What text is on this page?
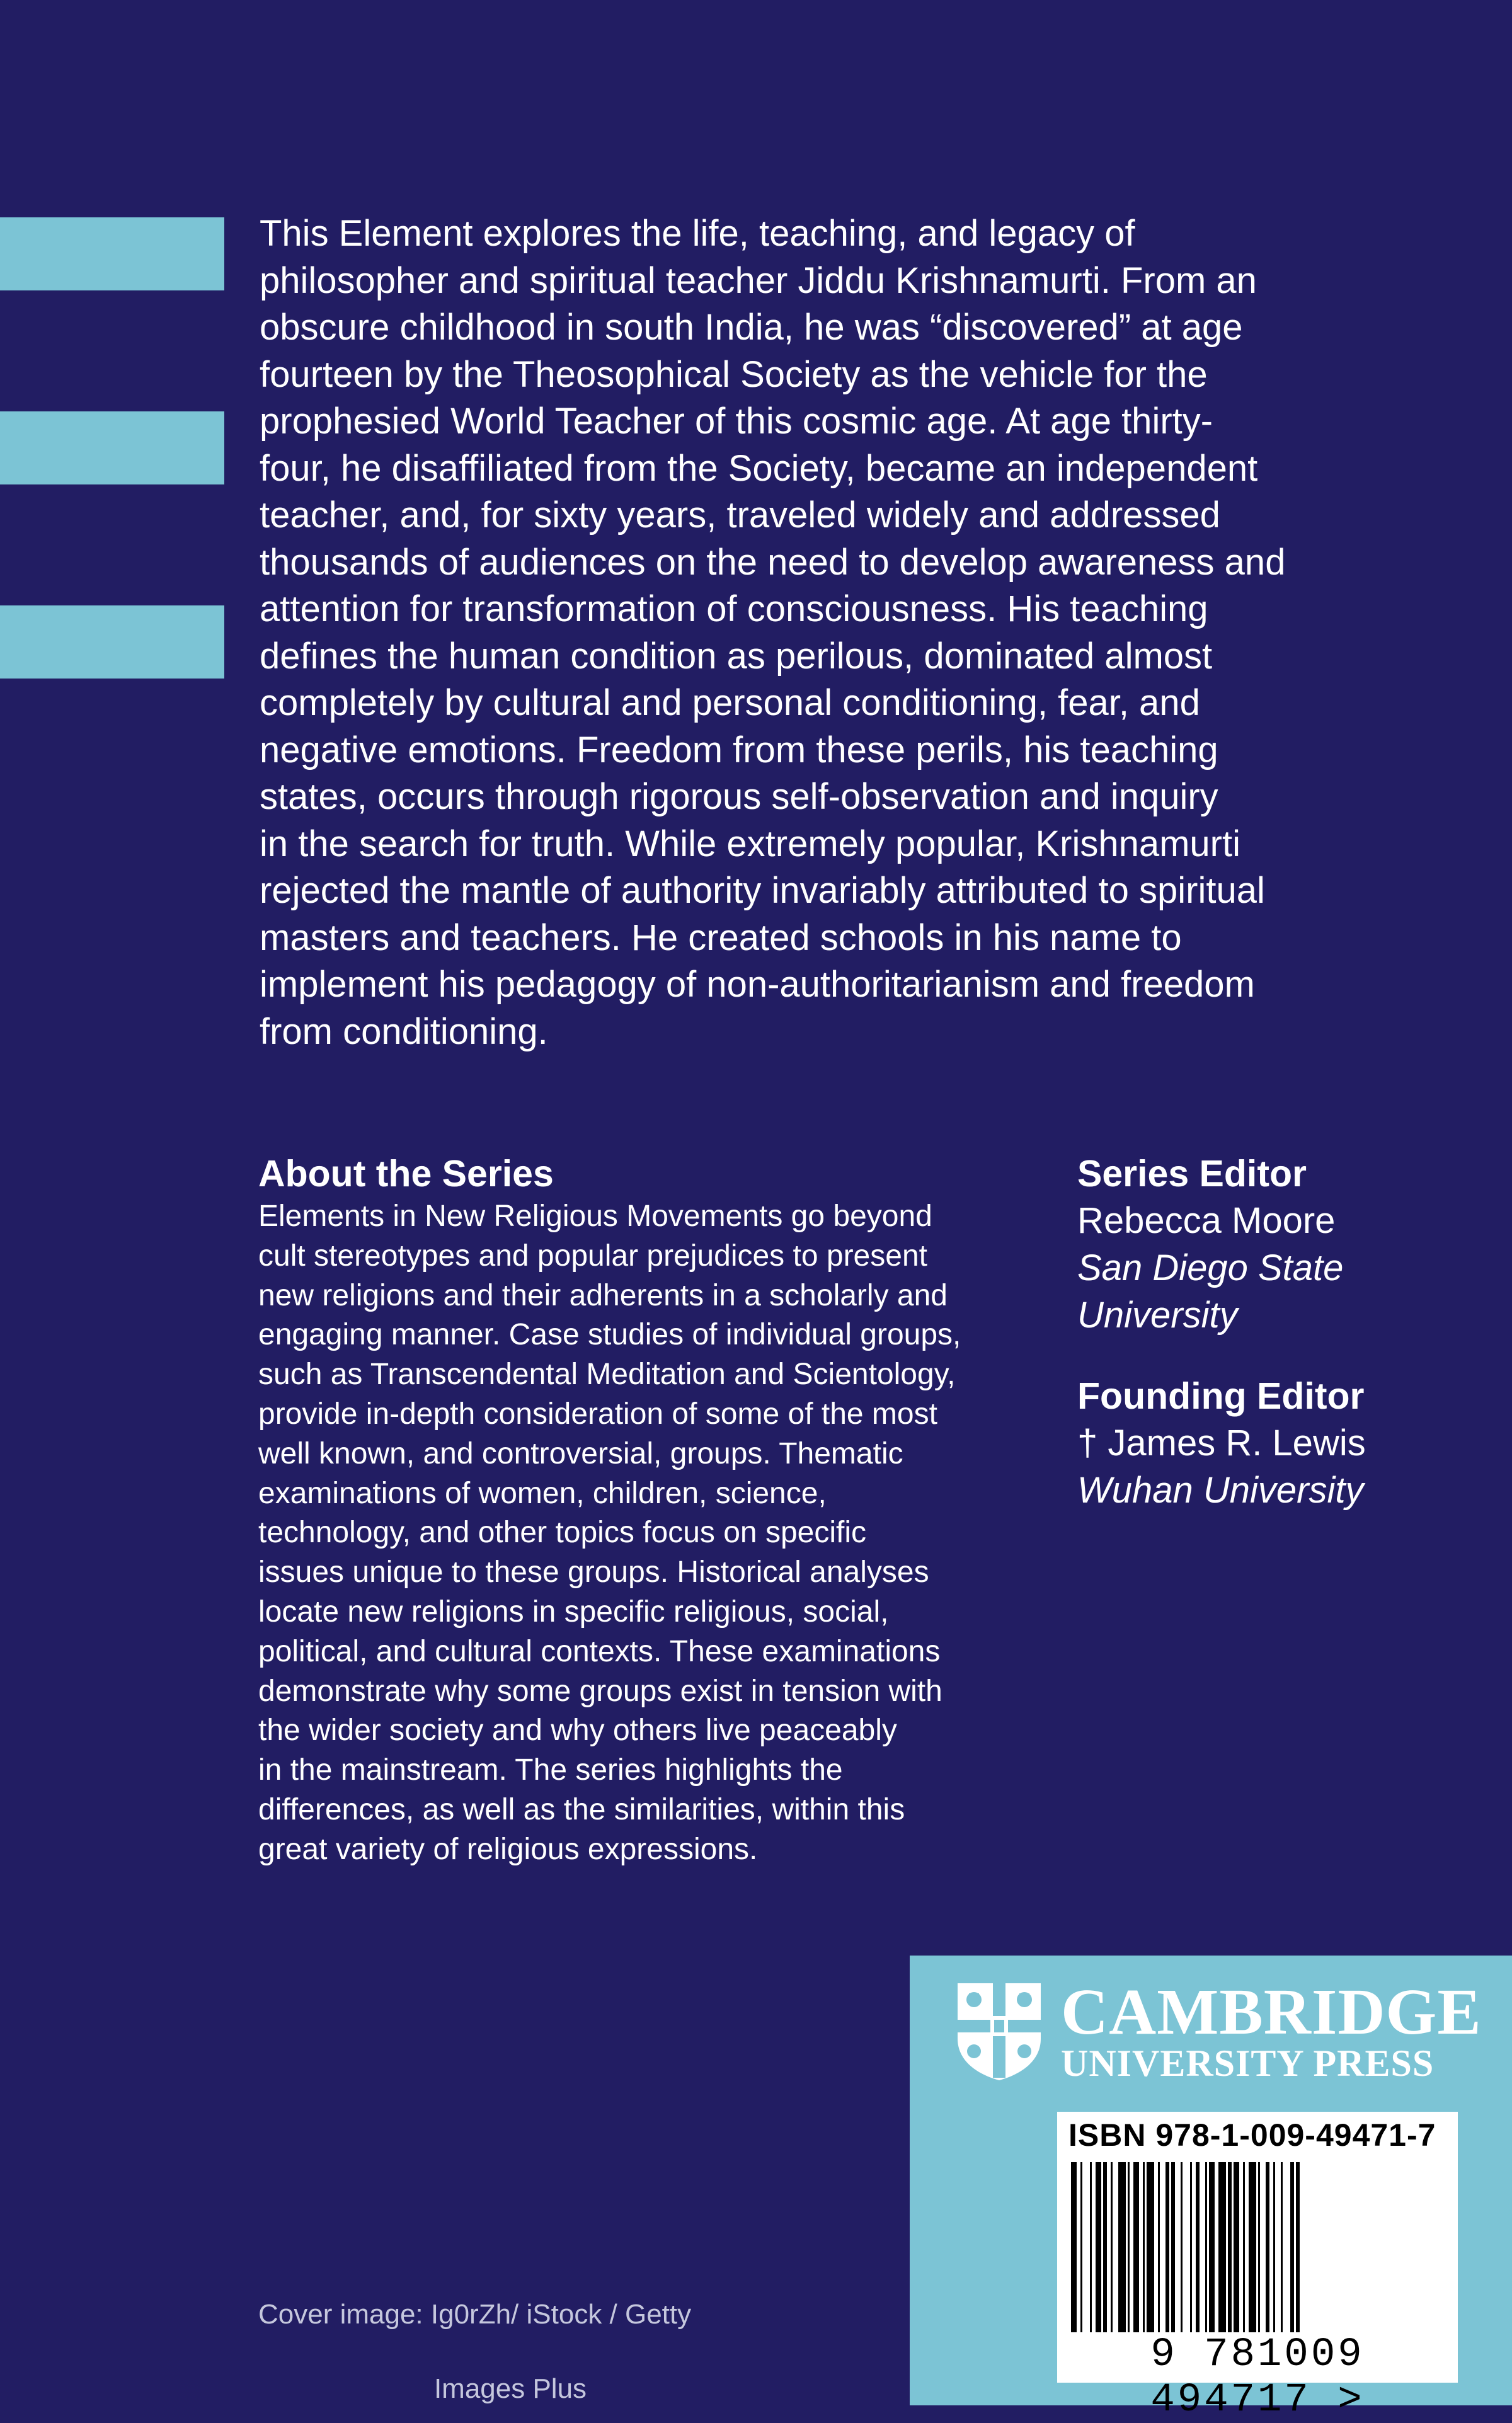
This Element explores the life, teaching, and legacy of
philosopher and spiritual teacher Jiddu Krishnamurti. From an
obscure childhood in south India, he was “discovered” at age
fourteen by the Theosophical Society as the vehicle for the
prophesied World Teacher of this cosmic age. At age thirty-
four, he disaffiliated from the Society, became an independent
teacher, and, for sixty years, traveled widely and addressed
thousands of audiences on the need to develop awareness and
attention for transformation of consciousness. His teaching
defines the human condition as perilous, dominated almost
completely by cultural and personal conditioning, fear, and
negative emotions. Freedom from these perils, his teaching
states, occurs through rigorous self-observation and inquiry
in the search for truth. While extremely popular, Krishnamurti
rejected the mantle of authority invariably attributed to spiritual
masters and teachers. He created schools in his name to
implement his pedagogy of non-authoritarianism and freedom
from conditioning.

About the Series

Elements in New Religious Movements go beyond
cult stereotypes and popular prejudices to present
new religions and their adherents in a scholarly and
engaging manner. Case studies of individual groups,
such as Transcendental Meditation and Scientology,
provide in-depth consideration of some of the most
well known, and controversial, groups. Thematic
examinations of women, children, science,
technology, and other topics focus on specific
issues unique to these groups. Historical analyses
locate new religions in specific religious, social,
political, and cultural contexts. These examinations
demonstrate why some groups exist in tension with
the wider society and why others live peaceably
in the mainstream. The series highlights the
differences, as well as the similarities, within this
great variety of religious expressions.

Series Editor
Rebecca Moore
San Diego State
University
Founding Editor
† James R. Lewis
Wuhan University

Cover image: Ig0rZh/ iStock / Getty

Images Plus

CAMBRIDGE
UNIVERSITY PRESS
ISBN 978-1-009-49471-7
9 781009 494717 >
